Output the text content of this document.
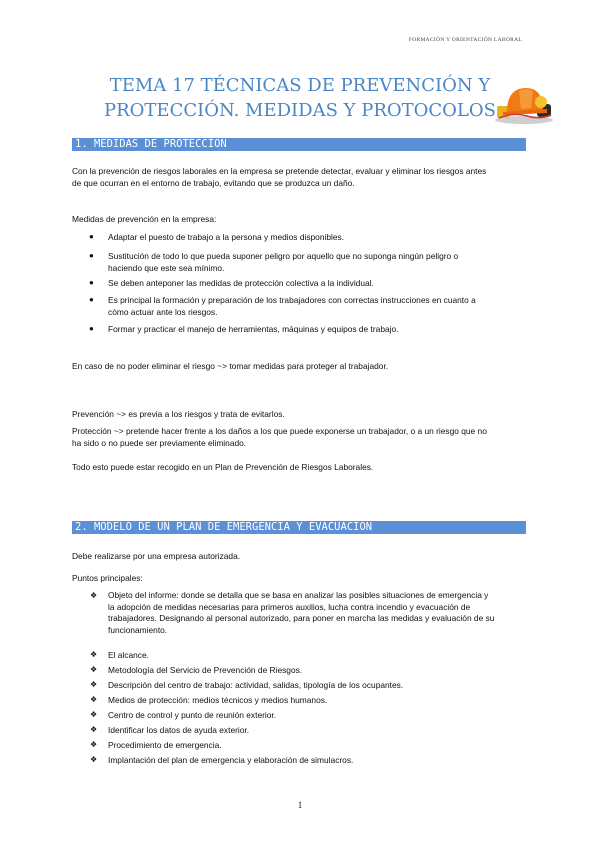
FORMACIÓN Y ORIENTACIÓN LABORAL
TEMA 17 TÉCNICAS DE PREVENCIÓN Y
PROTECCIÓN. MEDIDAS Y PROTOCOLOS
1. MEDIDAS DE PROTECCION
Con la prevención de riesgos laborales en la empresa se pretende detectar, evaluar y eliminar los riesgos antes
de que ocurran en el entorno de trabajo, evitando que se produzca un daño.
Medidas de prevención en la empresa:
● Adaptar el puesto de trabajo a la persona y medios disponibles.
● Sustitución de todo lo que pueda suponer peligro por aquello que no suponga ningún peligro o
haciendo que este sea mínimo.
● Se deben anteponer las medidas de protección colectiva a la individual.
● Es principal la formación y preparación de los trabajadores con correctas instrucciones en cuanto a
cómo actuar ante los riesgos.
● Formar y practicar el manejo de herramientas, máquinas y equipos de trabajo.
En caso de no poder eliminar el riesgo ~> tomar medidas para proteger al trabajador.
Prevención ~> es previa a los riesgos y trata de evitarlos.
Protección ~> pretende hacer frente a los daños a los que puede exponerse un trabajador, o a un riesgo que no
ha sido o no puede ser previamente eliminado.
Todo esto puede estar recogido en un Plan de Prevención de Riesgos Laborales.
2. MODELO DE UN PLAN DE EMERGENCIA Y EVACUACION
Debe realizarse por una empresa autorizada.
Puntos principales:
❖ Objeto del informe: donde se detalla que se basa en analizar las posibles situaciones de emergencia y
la adopción de medidas necesarias para primeros auxilios, lucha contra incendio y evacuación de
trabajadores. Designando al personal autorizado, para poner en marcha las medidas y evaluación de su
funcionamiento.
❖ El alcance.
❖ Metodología del Servicio de Prevención de Riesgos.
❖ Descripción del centro de trabajo: actividad, salidas, tipología de los ocupantes.
❖ Medios de protección: medios técnicos y medios humanos.
❖ Centro de control y punto de reunión exterior.
❖ Identificar los datos de ayuda exterior.
❖ Procedimiento de emergencia.
❖ Implantación del plan de emergencia y elaboración de simulacros.
1
